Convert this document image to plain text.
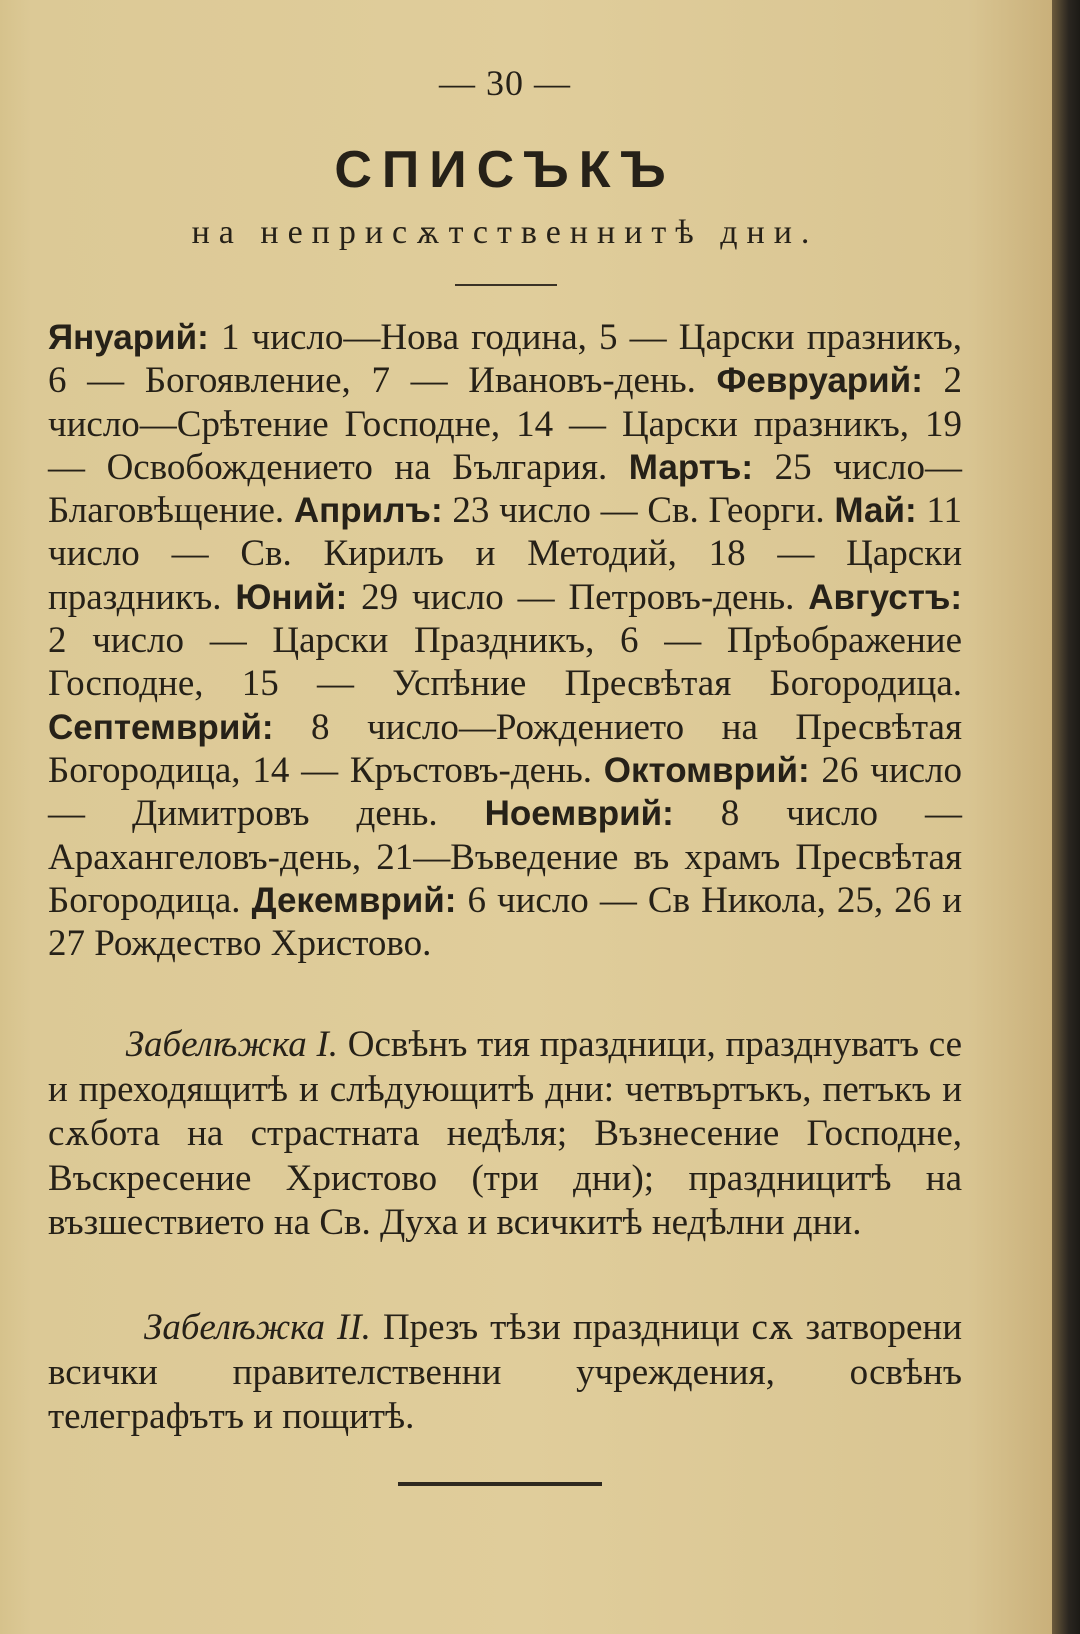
— 30 —
СПИСЪКЪ
на неприсѫтственнитѣ дни.
Януарий: 1 число—Нова година, 5 — Царски празникъ, 6 — Богоявление, 7 — Ивановъ-день. Февруарий: 2 число—Срѣтение Господне, 14 — Царски празникъ, 19 — Освобождението на България. Мартъ: 25 число—Благовѣщение. Априлъ: 23 число — Св. Георги. Май: 11 число — Св. Кирилъ и Методий, 18 — Царски праздникъ. Юний: 29 число — Петровъ-день. Августъ: 2 число — Царски Праздникъ, 6 — Прѣображение Господне, 15 — Успѣние Пресвѣтая Богородица. Септемврий: 8 число—Рождението на Пресвѣтая Богородица, 14 — Кръстовъ-день. Октомврий: 26 число — Димитровъ день. Ноемврий: 8 число — Арахангеловъ-день, 21—Въведение въ храмъ Пресвѣтая Богородица. Декемврий: 6 число — Св Никола, 25, 26 и 27 Рождество Христово.
Забелѣжка I. Освѣнъ тия праздници, празднуватъ се и преходящитѣ и слѣдующитѣ дни: четвъртъкъ, петъкъ и сѫбота на страстната недѣля; Възнесение Господне, Въскресение Христово (три дни); праздницитѣ на възшествието на Св. Духа и всичкитѣ недѣлни дни.
Забелѣжка II. Презъ тѣзи праздници сѫ затворени всички правителственни учреждения, освѣнъ телеграфътъ и пощитѣ.
